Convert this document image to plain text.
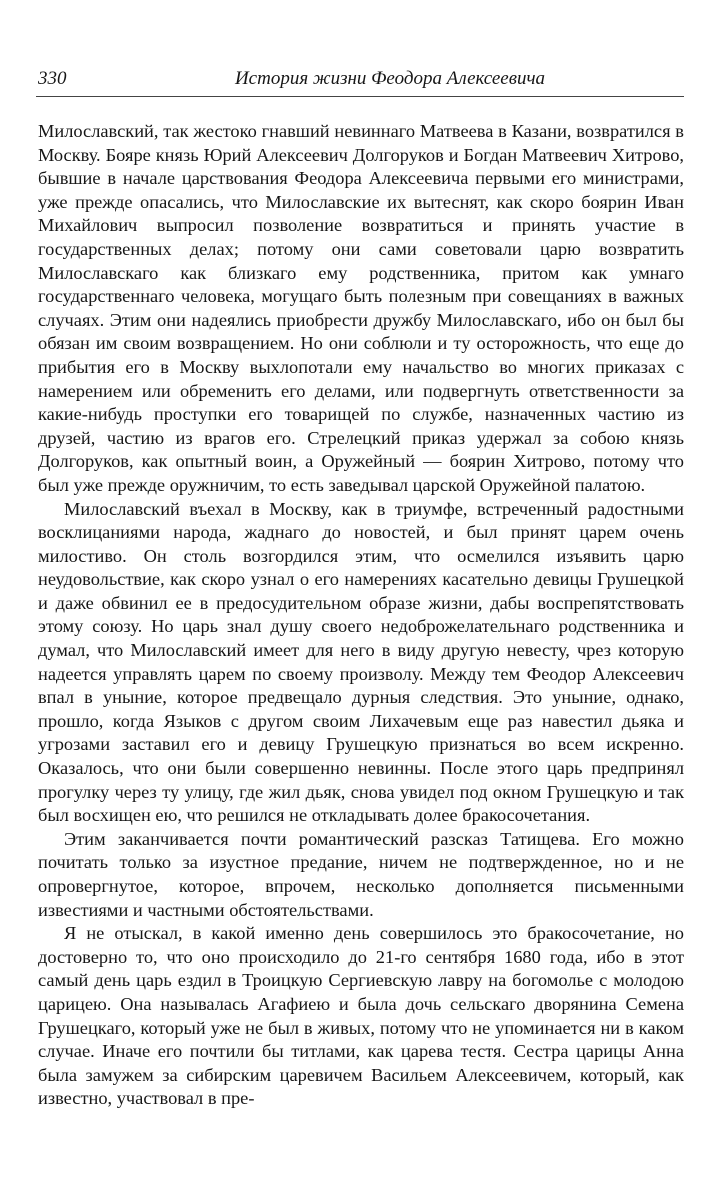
330	История жизни Феодора Алексеевича

Милославский, так жестоко гнавший невиннаго Матвеева в Казани, возвратился в Москву. Бояре князь Юрий Алексеевич Долгоруков и Богдан Матвеевич Хитрово, бывшие в начале царствования Феодора Алексеевича первыми его министрами, уже прежде опасались, что Милославские их вытеснят, как скоро боярин Иван Михайлович выпросил позволение возвратиться и принять участие в государственных делах; потому они сами советовали царю возвратить Милославскаго как близкаго ему родственника, притом как умнаго государственнаго человека, могущаго быть полезным при совещаниях в важных случаях. Этим они надеялись приобрести дружбу Милославскаго, ибо он был бы обязан им своим возвращением. Но они соблюли и ту осторожность, что еще до прибытия его в Москву выхлопотали ему начальство во многих приказах с намерением или обременить его делами, или подвергнуть ответственности за какие-нибудь проступки его товарищей по службе, назначенных частию из друзей, частию из врагов его. Стрелецкий приказ удержал за собою князь Долгоруков, как опытный воин, а Оружейный — боярин Хитрово, потому что был уже прежде оружничим, то есть заведывал царской Оружейной палатою.

Милославский въехал в Москву, как в триумфе, встреченный радостными восклицаниями народа, жаднаго до новостей, и был принят царем очень милостиво. Он столь возгордился этим, что осмелился изъявить царю неудовольствие, как скоро узнал о его намерениях касательно девицы Грушецкой и даже обвинил ее в предосудительном образе жизни, дабы воспрепятствовать этому союзу. Но царь знал душу своего недоброжелательнаго родственника и думал, что Милославский имеет для него в виду другую невесту, чрез которую надеется управлять царем по своему произволу. Между тем Феодор Алексеевич впал в уныние, которое предвещало дурныя следствия. Это уныние, однако, прошло, когда Языков с другом своим Лихачевым еще раз навестил дьяка и угрозами заставил его и девицу Грушецкую признаться во всем искренно. Оказалось, что они были совершенно невинны. После этого царь предпринял прогулку через ту улицу, где жил дьяк, снова увидел под окном Грушецкую и так был восхищен ею, что решился не откладывать долее бракосочетания.

Этим заканчивается почти романтический разсказ Татищева. Его можно почитать только за изустное предание, ничем не подтвержденное, но и не опровергнутое, которое, впрочем, несколько дополняется письменными известиями и частными обстоятельствами.

Я не отыскал, в какой именно день совершилось это бракосочетание, но достоверно то, что оно происходило до 21-го сентября 1680 года, ибо в этот самый день царь ездил в Троицкую Сергиевскую лавру на богомолье с молодою царицею. Она называлась Агафиею и была дочь сельскаго дворянина Семена Грушецкаго, который уже не был в живых, потому что не упоминается ни в каком случае. Иначе его почтили бы титлами, как царева тестя. Сестра царицы Анна была замужем за сибирским царевичем Васильем Алексеевичем, который, как известно, участвовал в пре-
